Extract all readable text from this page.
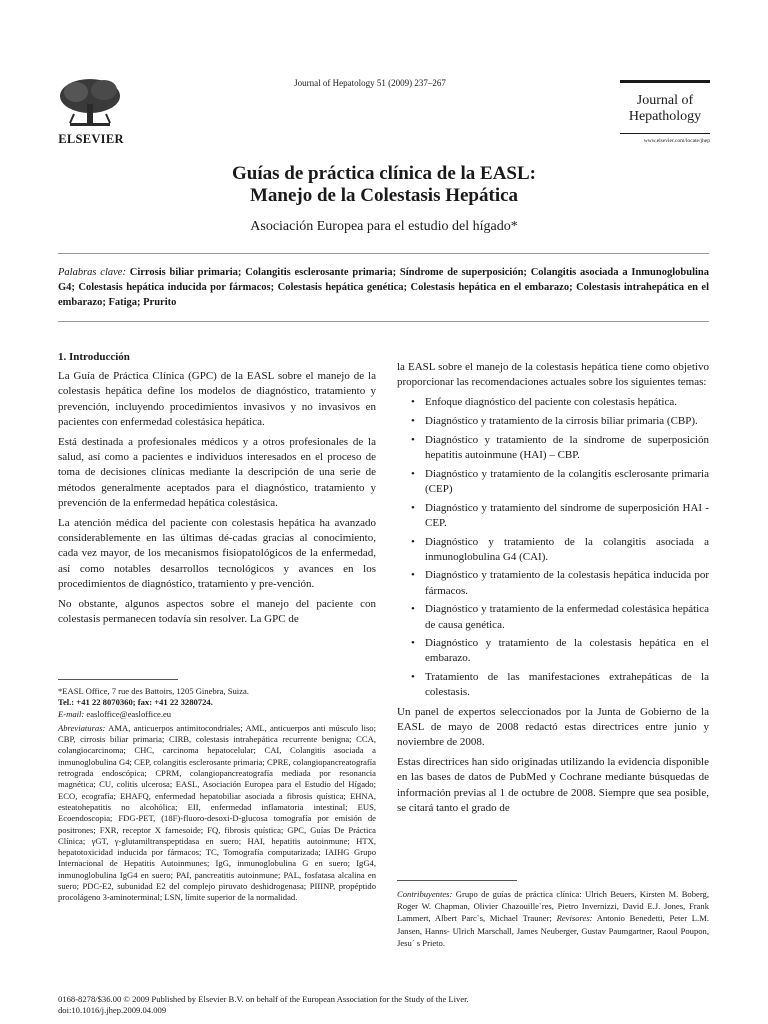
ELSEVIER
Journal of Hepatology 51 (2009) 237–267
Journal of
Hepathology
www.elsevier.com/locate/jhep
Guías de práctica clínica de la EASL:
Manejo de la Colestasis Hepática
Asociación Europea para el estudio del hígado*
Palabras clave: Cirrosis biliar primaria; Colangitis esclerosante primaria; Síndrome de superposición; Colangitis asociada a Inmunoglobulina G4; Colestasis hepática inducida por fármacos; Colestasis hepática genética; Colestasis hepática en el embarazo; Colestasis intrahepática en el embarazo; Fatiga; Prurito
1. Introducción

La Guía de Práctica Clínica (GPC) de la EASL sobre el manejo de la colestasis hepática define los modelos de diagnóstico, tratamiento y prevención, incluyendo procedimientos invasivos y no invasivos en pacientes con enfermedad colestásica hepática.

Está destinada a profesionales médicos y a otros profesionales de la salud, así como a pacientes e individuos interesados en el proceso de toma de decisiones clínicas mediante la descripción de una serie de métodos generalmente aceptados para el diagnóstico, tratamiento y prevención de la enfermedad hepática colestásica.

La atención médica del paciente con colestasis hepática ha avanzado considerablemente en las últimas dé-cadas gracias al conocimiento, cada vez mayor, de los mecanismos fisiopatológicos de la enfermedad, así como notables desarrollos tecnológicos y avances en los procedimientos de diagnóstico, tratamiento y pre-vención.

No obstante, algunos aspectos sobre el manejo del paciente con colestasis permanecen todavía sin resolver. La GPC de

*EASL Office, 7 rue des Battoirs, 1205 Ginebra, Suiza.

Tel.: +41 22 8070360; fax: +41 22 3280724.

E-mail: easloffice@easloffice.eu

Abreviaturas: AMA, anticuerpos antimitocondriales; AML, anticuerpos anti músculo liso; CBP, cirrosis biliar primaria; CIRB, colestasis intrahepática recurrente benigna; CCA, colangiocarcinoma; CHC, carcinoma hepatocelular; CAI, Colangitis asociada a inmunoglobulina G4; CEP, colangitis esclerosante primaria; CPRE, colangiopancreatografía retrograda endoscópica; CPRM, colangiopancreatografía mediada por resonancia magnética; CU, colitis ulcerosa; EASL, Asociación Europea para el Estudio del Hígado; ECO, ecografía; EHAFQ, enfermedad hepatobiliar asociada a fibrosis quística; EHNA, esteatohepatitis no alcohólica; EII, enfermedad inflamatoria intestinal; EUS, Ecoendoscopia; FDG-PET, (18F)-fluoro-desoxi-D-glucosa tomografía por emisión de positrones; FXR, receptor X farnesoide; FQ, fibrosis quística; GPC, Guías De Práctica Clínica; γGT, γ-glutamiltranspeptidasa en suero; HAI, hepatitis autoinmune; HTX, hepatotoxicidad inducida por fármacos; TC, Tomografía computarizada; IAIHG Grupo Internacional de Hepatitis Autoinmunes; IgG, inmunoglobulina G en suero; IgG4, inmunoglobulina IgG4 en suero; PAI, pancreatitis autoinmune; PAL, fosfatasa alcalina en suero; PDC-E2, subunidad E2 del complejo piruvato deshidrogenasa; PIIINP, propéptido procolágeno 3-aminoterminal; LSN, límite superior de la normalidad.

la EASL sobre el manejo de la colestasis hepática tiene como objetivo proporcionar las recomendaciones actuales sobre los siguientes temas:

• Enfoque diagnóstico del paciente con colestasis hepática.
• Diagnóstico y tratamiento de la cirrosis biliar primaria (CBP).
• Diagnóstico y tratamiento de la síndrome de superposición hepatitis autoinmune (HAI) – CBP.
• Diagnóstico y tratamiento de la colangitis esclerosante primaria (CEP)
• Diagnóstico y tratamiento del síndrome de superposición HAI - CEP.
• Diagnóstico y tratamiento de la colangitis asociada a inmunoglobulina G4 (CAI).
• Diagnóstico y tratamiento de la colestasis hepática inducida por fármacos.
• Diagnóstico y tratamiento de la enfermedad colestásica hepática de causa genética.
• Diagnóstico y tratamiento de la colestasis hepática en el embarazo.
• Tratamiento de las manifestaciones extrahepáticas de la colestasis.

Un panel de expertos seleccionados por la Junta de Gobierno de la EASL de mayo de 2008 redactó estas directrices entre junio y noviembre de 2008.

Estas directrices han sido originadas utilizando la evidencia disponible en las bases de datos de PubMed y Cochrane mediante búsquedas de información previas al 1 de octubre de 2008. Siempre que sea posible, se citará tanto el grado de

Contribuyentes: Grupo de guías de práctica clínica: Ulrich Beuers, Kirsten M. Boberg, Roger W. Chapman, Olivier Chazouille`res, Pietro Invernizzi, David E.J. Jones, Frank Lammert, Albert Parc`s, Michael Trauner; Revisores: Antonio Benedetti, Peter L.M. Jansen, Hanns- Ulrich Marschall, James Neuberger, Gustav Paumgartner, Raoul Poupon, Jesu´ s Prieto.
0168-8278/$36.00 © 2009 Published by Elsevier B.V. on behalf of the European Association for the Study of the Liver.
doi:10.1016/j.jhep.2009.04.009
